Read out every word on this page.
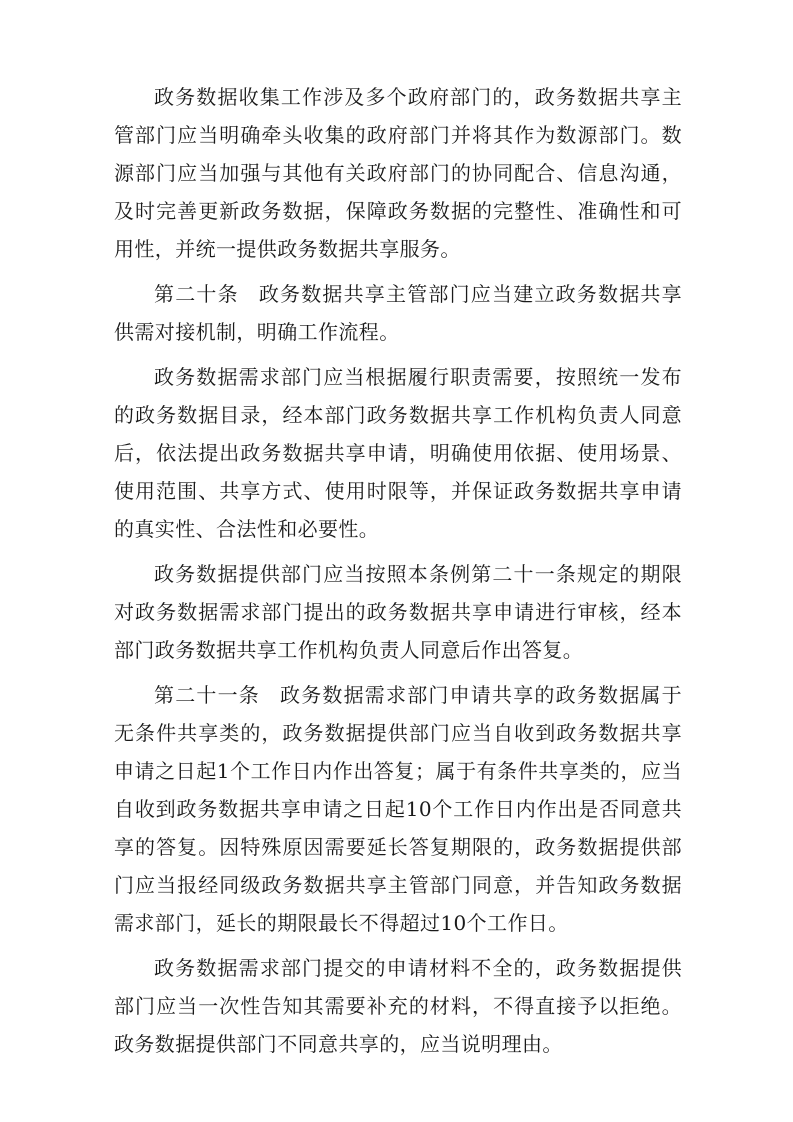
政务数据收集工作涉及多个政府部门的，政务数据共享主管部门应当明确牵头收集的政府部门并将其作为数源部门。数源部门应当加强与其他有关政府部门的协同配合、信息沟通，及时完善更新政务数据，保障政务数据的完整性、准确性和可用性，并统一提供政务数据共享服务。

第二十条 政务数据共享主管部门应当建立政务数据共享供需对接机制，明确工作流程。

政务数据需求部门应当根据履行职责需要，按照统一发布的政务数据目录，经本部门政务数据共享工作机构负责人同意后，依法提出政务数据共享申请，明确使用依据、使用场景、使用范围、共享方式、使用时限等，并保证政务数据共享申请的真实性、合法性和必要性。

政务数据提供部门应当按照本条例第二十一条规定的期限对政务数据需求部门提出的政务数据共享申请进行审核，经本部门政务数据共享工作机构负责人同意后作出答复。

第二十一条 政务数据需求部门申请共享的政务数据属于无条件共享类的，政务数据提供部门应当自收到政务数据共享申请之日起1个工作日内作出答复；属于有条件共享类的，应当自收到政务数据共享申请之日起10个工作日内作出是否同意共享的答复。因特殊原因需要延长答复期限的，政务数据提供部门应当报经同级政务数据共享主管部门同意，并告知政务数据需求部门，延长的期限最长不得超过10个工作日。

政务数据需求部门提交的申请材料不全的，政务数据提供部门应当一次性告知其需要补充的材料，不得直接予以拒绝。政务数据提供部门不同意共享的，应当说明理由。
